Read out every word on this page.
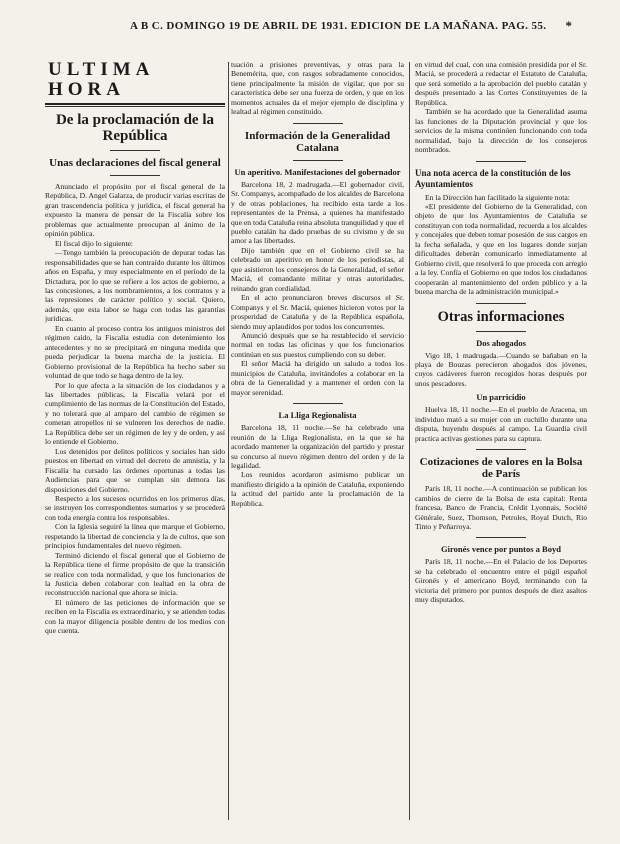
A B C. DOMINGO 19 DE ABRIL DE 1931. EDICION DE LA MAÑANA. PAG. 55. *
ULTIMA HORA
De la proclamación de la República
Unas declaraciones del fiscal general

Anunciado el propósito por el fiscal general de la República, D. Angel Galarza, de producir varias escritas de gran trascendencia política y jurídica, el fiscal general ha expuesto la manera de pensar de la Fiscalía sobre los problemas que actualmente preocupan al ánimo de la opinión pública.

El fiscal dijo lo siguiente:

—Tengo también la preocupación de depurar todas las responsabilidades que se han contraído durante los últimos años en España, y muy especialmente en el período de la Dictadura, por lo que se refiere a los actos de gobierno, a las concesiones, a los nombramientos, a los contratos y a las represiones de carácter político y social. Quiero, además, que esta labor se haga con todas las garantías jurídicas.

En cuanto al proceso contra los antiguos ministros del régimen caído, la Fiscalía estudia con detenimiento los antecedentes y no se precipitará en ninguna medida que pueda perjudicar la buena marcha de la justicia. El Gobierno provisional de la República ha hecho saber su voluntad de que todo se haga dentro de la ley.

Por lo que afecta a la situación de los ciudadanos y a las libertades públicas, la Fiscalía velará por el cumplimiento de las normas de la Constitución del Estado, y no tolerará que al amparo del cambio de régimen se cometan atropellos ni se vulneren los derechos de nadie. La República debe ser un régimen de ley y de orden, y así lo entiende el Gobierno.

Los detenidos por delitos políticos y sociales han sido puestos en libertad en virtud del decreto de amnistía, y la Fiscalía ha cursado las órdenes oportunas a todas las Audiencias para que se cumplan sin demora las disposiciones del Gobierno.

Respecto a los sucesos ocurridos en los primeros días, se instruyen los correspondientes sumarios y se procederá con toda energía contra los responsables.

Con la Iglesia seguiré la línea que marque el Gobierno, respetando la libertad de conciencia y la de cultos, que son principios fundamentales del nuevo régimen.

Terminó diciendo el fiscal general que el Gobierno de la República tiene el firme propósito de que la transición se realice con toda normalidad, y que los funcionarios de la Justicia deben colaborar con lealtad en la obra de reconstrucción nacional que ahora se inicia.

El número de las peticiones de información que se reciben en la Fiscalía es extraordinario, y se atienden todas con la mayor diligencia posible dentro de los medios con que cuenta.

tuación a prisiones preventivas, y otras para la Benemérita, que, con rasgos sobradamente conocidos, tiene principalmente la misión de vigilar, que por su característica debe ser una fuerza de orden, y que en los momentos actuales da el mejor ejemplo de disciplina y lealtad al régimen constituido.

Información de la Generalidad Catalana
Un aperitivo. Manifestaciones del gobernador

Barcelona 18, 2 madrugada.—El gobernador civil, Sr. Companys, acompañado de los alcaldes de Barcelona y de otras poblaciones, ha recibido esta tarde a los representantes de la Prensa, a quienes ha manifestado que en toda Cataluña reina absoluta tranquilidad y que el pueblo catalán ha dado pruebas de su civismo y de su amor a las libertades.

Dijo también que en el Gobierno civil se ha celebrado un aperitivo en honor de los periodistas, al que asistieron los consejeros de la Generalidad, el señor Maciá, el comandante militar y otras autoridades, reinando gran cordialidad.

En el acto pronunciaron breves discursos el Sr. Companys y el Sr. Maciá, quienes hicieron votos por la prosperidad de Cataluña y de la República española, siendo muy aplaudidos por todos los concurrentes.

Anunció después que se ha restablecido el servicio normal en todas las oficinas y que los funcionarios continúan en sus puestos cumpliendo con su deber.

El señor Maciá ha dirigido un saludo a todos los municipios de Cataluña, invitándoles a colaborar en la obra de la Generalidad y a mantener el orden con la mayor serenidad.

La Lliga Regionalista

Barcelona 18, 11 noche.—Se ha celebrado una reunión de la Lliga Regionalista, en la que se ha acordado mantener la organización del partido y prestar su concurso al nuevo régimen dentro del orden y de la legalidad.

Los reunidos acordaron asimismo publicar un manifiesto dirigido a la opinión de Cataluña, exponiendo la actitud del partido ante la proclamación de la República.

en virtud del cual, con una comisión presidida por el Sr. Maciá, se procederá a redactar el Estatuto de Cataluña, que será sometido a la aprobación del pueblo catalán y después presentado a las Cortes Constituyentes de la República.

También se ha acordado que la Generalidad asuma las funciones de la Diputación provincial y que los servicios de la misma continúen funcionando con toda normalidad, bajo la dirección de los consejeros nombrados.

Una nota acerca de la constitución de los Ayuntamientos

En la Dirección han facilitado la siguiente nota:

«El presidente del Gobierno de la Generalidad, con objeto de que los Ayuntamientos de Cataluña se constituyan con toda normalidad, recuerda a los alcaldes y concejales que deben tomar posesión de sus cargos en la fecha señalada, y que en los lugares donde surjan dificultades deberán comunicarlo inmediatamente al Gobierno civil, que resolverá lo que proceda con arreglo a la ley. Confía el Gobierno en que todos los ciudadanos cooperarán al mantenimiento del orden público y a la buena marcha de la administración municipal.»

Otras informaciones
Dos ahogados

Vigo 18, 1 madrugada.—Cuando se bañaban en la playa de Bouzas perecieron ahogados dos jóvenes, cuyos cadáveres fueron recogidos horas después por unos pescadores.

Un parricidio

Huelva 18, 11 noche.—En el pueblo de Aracena, un individuo mató a su mujer con un cuchillo durante una disputa, huyendo después al campo. La Guardia civil practica activas gestiones para su captura.

Cotizaciones de valores en la Bolsa de París

París 18, 11 noche.—A continuación se publican los cambios de cierre de la Bolsa de esta capital: Renta francesa, Banco de Francia, Crédit Lyonnais, Société Générale, Suez, Thomson, Petroles, Royal Dutch, Rio Tinto y Peñarroya.

Gironés vence por puntos a Boyd

París 18, 11 noche.—En el Palacio de los Deportes se ha celebrado el encuentro entre el púgil español Gironés y el americano Boyd, terminando con la victoria del primero por puntos después de diez asaltos muy disputados.
